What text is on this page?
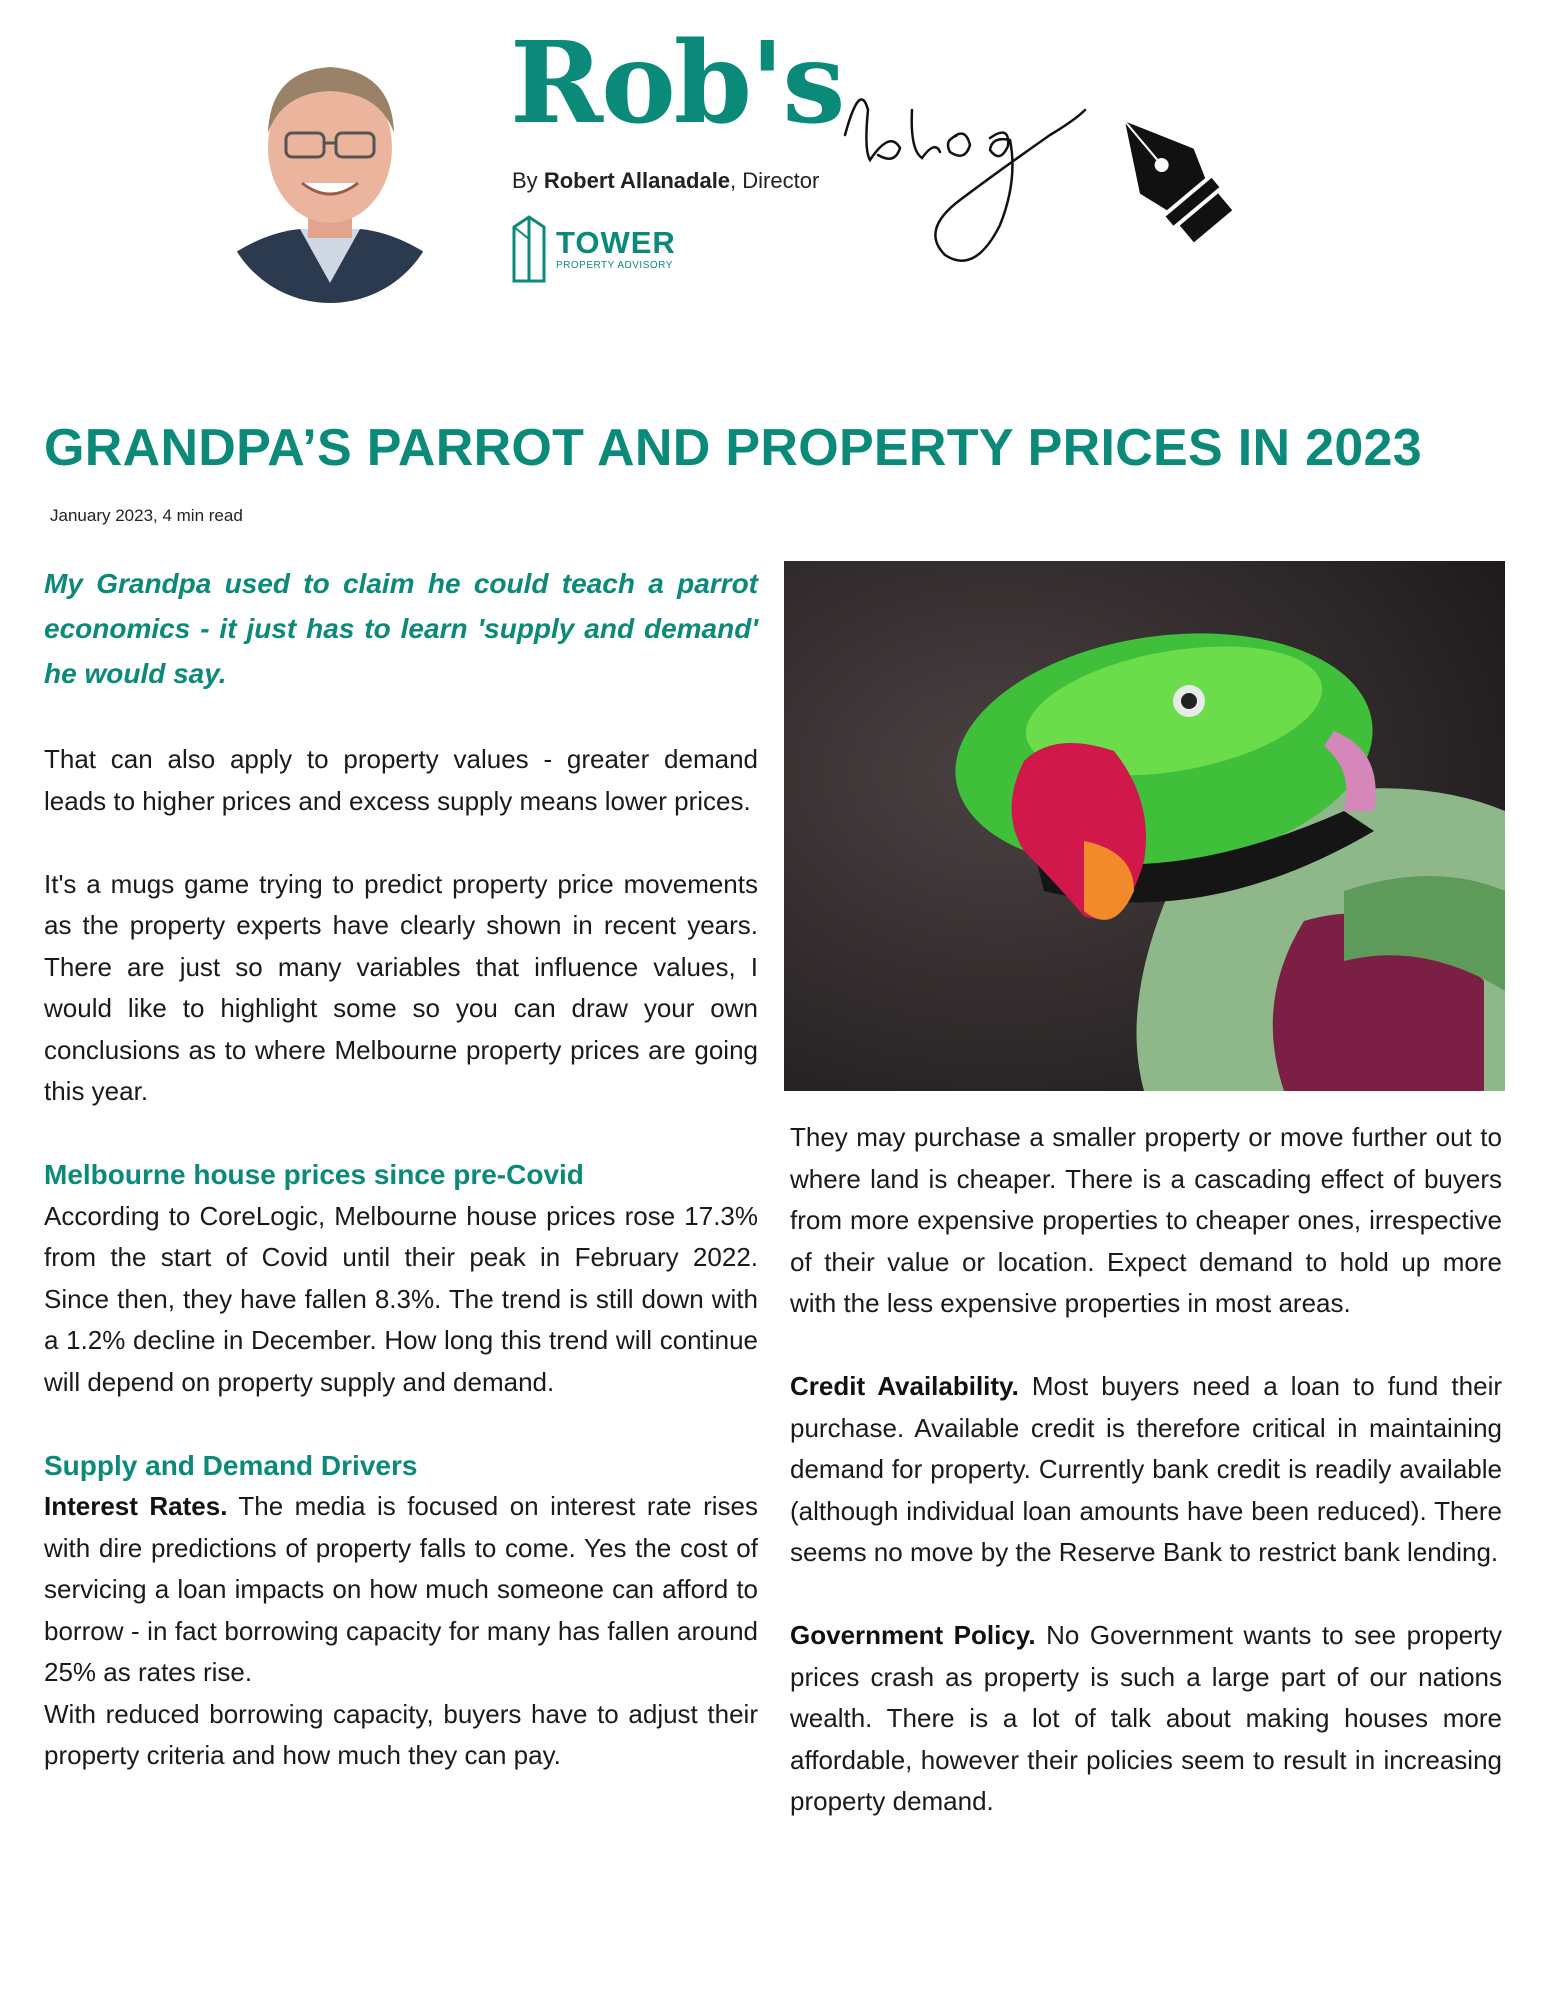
Rob's
By Robert Allanadale, Director
TOWER
PROPERTY ADVISORY
GRANDPA’S PARROT AND PROPERTY PRICES IN 2023
January 2023, 4 min read

My Grandpa used to claim he could teach a parrot economics - it just has to learn 'supply and demand' he would say.

That can also apply to property values - greater demand leads to higher prices and excess supply means lower prices.

It's a mugs game trying to predict property price movements as the property experts have clearly shown in recent years. There are just so many variables that influence values, I would like to highlight some so you can draw your own conclusions as to where Melbourne property prices are going this year.

Melbourne house prices since pre-Covid

According to CoreLogic, Melbourne house prices rose 17.3% from the start of Covid until their peak in February 2022. Since then, they have fallen 8.3%. The trend is still down with a 1.2% decline in December. How long this trend will continue will depend on property supply and demand.

Supply and Demand Drivers

Interest Rates. The media is focused on interest rate rises with dire predictions of property falls to come. Yes the cost of servicing a loan impacts on how much someone can afford to borrow - in fact borrowing capacity for many has fallen around 25% as rates rise.

With reduced borrowing capacity, buyers have to adjust their property criteria and how much they can pay.

They may purchase a smaller property or move further out to where land is cheaper. There is a cascading effect of buyers from more expensive properties to cheaper ones, irrespective of their value or location. Expect demand to hold up more with the less expensive properties in most areas.

Credit Availability. Most buyers need a loan to fund their purchase. Available credit is therefore critical in maintaining demand for property. Currently bank credit is readily available (although individual loan amounts have been reduced). There seems no move by the Reserve Bank to restrict bank lending.

Government Policy. No Government wants to see property prices crash as property is such a large part of our nations wealth. There is a lot of talk about making houses more affordable, however their policies seem to result in increasing property demand.
